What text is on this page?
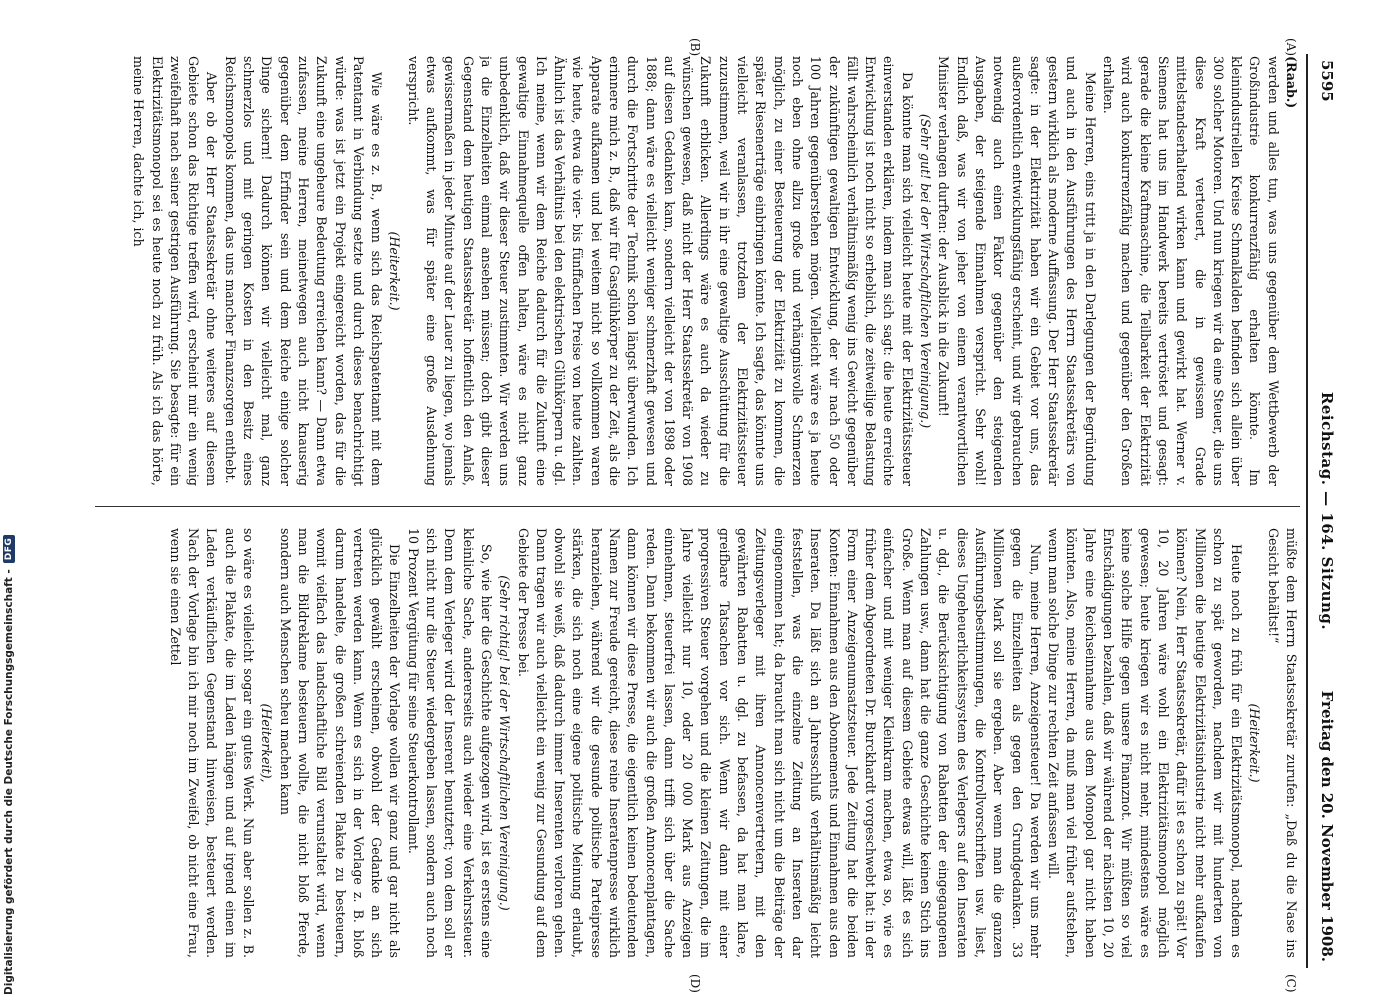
5595
Reichstag. — 164. Sitzung.
Freitag den 20. November 1908.
(A)
(B)
(C)
(D)

(Raab.)

werden und alles tun, was uns gegenüber dem Wettbewerb der Großindustrie konkurrenzfähig erhalten könnte. Im kleinindustriellen Kreise Schmalkalden befinden sich allein über 300 solcher Motoren. Und nun kriegen wir da eine Steuer, die uns diese Kraft verteuert, die in gewissem Grade mittelstandserhaltend wirken kann und gewirkt hat. Werner v. Siemens hat uns im Handwerk bereits vertröstet und gesagt: gerade die kleine Kraftmaschine, die Teilbarkeit der Elektrizität wird auch konkurrenzfähig machen und gegenüber den Großen erhalten.

Meine Herren, eins tritt ja in den Darlegungen der Begründung und auch in den Ausführungen des Herrn Staatssekretärs von gestern wirklich als moderne Auffassung. Der Herr Staatssekretär sagte: in der Elektrizität haben wir ein Gebiet vor uns, das außerordentlich entwicklungsfähig erscheint, und wir gebrauchen notwendig auch einen Faktor gegenüber den steigenden Ausgaben, der steigende Einnahmen verspricht. Sehr wohl! Endlich daß, was wir von jeher von einem verantwortlichen Minister verlangen durften: der Ausblick in die Zukunft!

(Sehr gut! bei der Wirtschaftlichen Vereinigung.)

Da könnte man sich vielleicht heute mit der Elektrizitätssteuer einverstanden erklären, indem man sich sagt: die heute erreichte Entwicklung ist noch nicht so erheblich, die zeitweilige Belastung fällt wahrscheinlich verhältnismäßig wenig ins Gewicht gegenüber der zukünftigen gewaltigen Entwicklung, der wir nach 50 oder 100 Jahren gegenüberstehen mögen. Vielleicht wäre es ja heute noch eben ohne allzu große und verhängnisvolle Schmerzen möglich, zu einer Besteuerung der Elektrizität zu kommen, die später Riesenerträge einbringen könnte. Ich sagte, das könnte uns vielleicht veranlassen, trotzdem der Elektrizitätssteuer zuzustimmen, weil wir in ihr eine gewaltige Ausschüttung für die Zukunft erblicken. Allerdings wäre es auch da wieder zu wünschen gewesen, daß nicht der Herr Staatssekretär von 1908 auf diesen Gedanken kam, sondern vielleicht der von 1898 oder 1888; dann wäre es vielleicht weniger schmerzhaft gewesen und durch die Fortschritte der Technik schon längst überwunden. Ich erinnere mich z. B., daß wir für Gasglühkörper zu der Zeit, als die Apparate aufkamen und bei weitem nicht so vollkommen waren wie heute, etwa die vier- bis fünffachen Preise von heute zahlten. Ähnlich ist das Verhältnis bei den elektrischen Glühkörpern u. dgl. Ich meine, wenn wir dem Reiche dadurch für die Zukunft eine gewaltige Einnahmequelle offen halten, wäre es nicht ganz unbedenklich, daß wir dieser Steuer zustimmten. Wir werden uns ja die Einzelheiten einmal ansehen müssen; doch gibt dieser Gegenstand dem heutigen Staatssekretär hoffentlich den Anlaß, gewissermaßen in jeder Minute auf der Lauer zu liegen, wo jemals etwas aufkommt, was für später eine große Ausdehnung verspricht.

(Heiterkeit.)

Wie wäre es z. B., wenn sich das Reichspatentamt mit dem Patentamt in Verbindung setzte und durch dieses benachrichtigt würde: was ist jetzt ein Projekt eingereicht worden, das für die Zukunft eine ungeheure Bedeutung erreichen kann? — Dann etwa zufassen, meine Herren, meinetwegen auch nicht knauserig gegenüber dem Erfinder sein und dem Reiche einige solcher Dinge sichern! Dadurch können wir vielleicht mal, ganz schmerzlos und mit geringen Kosten in den Besitz eines Reichsmonopols kommen, das uns mancher Finanzsorgen enthebt.

Aber ob der Herr Staatssekretär ohne weiteres auf diesem Gebiete schon das Richtige treffen wird, erscheint mir ein wenig zweifelhaft nach seiner gestrigen Ausführung. Sie besagte: für ein Elektrizitätsmonopol sei es heute noch zu früh. Als ich das hörte, meine Herren, dachte ich, ich

müßte dem Herrn Staatssekretär zurufen: „Daß du die Nase ins Gesicht behältst!“

(Heiterkeit.)

Heute noch zu früh für ein Elektrizitätsmonopol, nachdem es schon zu spät geworden, nachdem wir mit hunderten von Millionen die heutige Elektrizitätsindustrie nicht mehr aufkaufen können? Nein, Herr Staatssekretär, dafür ist es schon zu spät! Vor 10, 20 Jahren wäre wohl ein Elektrizitätsmonopol möglich gewesen; heute kriegen wir es nicht mehr, mindestens wäre es keine solche Hilfe gegen unsere Finanznot. Wir müßten so viel Entschädigungen bezahlen, daß wir während der nächsten 10, 20 Jahre eine Reichseinnahme aus dem Monopol gar nicht haben könnten. Also, meine Herren, da muß man viel früher aufstehen, wenn man solche Dinge zur rechten Zeit anfassen will.

Nun, meine Herren, Anzeigensteuer! Da werden wir uns mehr gegen die Einzelheiten als gegen den Grundgedanken. 33 Millionen Mark soll sie ergeben. Aber wenn man die ganzen Ausführungsbestimmungen, die Kontrollvorschriften usw. liest, dieses Ungeheuerlichkeitssystem des Verlegers auf den Inseraten u. dgl., die Berücksichtigung von Rabatten der eingegangenen Zahlungen usw., dann hat die ganze Geschichte keinen Stich ins Große. Wenn man auf diesem Gebiete etwas will, läßt es sich einfacher und mit weniger Kleinkram machen, etwa so, wie es früher dem Abgeordneten Dr. Burckhardt vorgeschwebt hat: in der Form einer Anzeigenumsatzsteuer. Jede Zeitung hat die beiden Konten: Einnahmen aus den Abonnements und Einnahmen aus den Inseraten. Da läßt sich an Jahresschluß verhältnismäßig leicht feststellen, was die einzelne Zeitung an Inseraten dar eingenommen hat; da braucht man sich nicht um die Beiträge der Zeitungsverleger mit ihren Annoncenvertretern, mit den gewährten Rabatten u. dgl. zu befassen, da hat man klare, greifbare Tatsachen vor sich. Wenn wir dann mit einer progressiven Steuer vorgehen und die kleinen Zeitungen, die im Jahre vielleicht nur 10, oder 20 000 Mark aus Anzeigen einnehmen, steuerfrei lassen, dann trifft sich über die Sache reden. Dann bekommen wir auch die großen Annoncenplantagen, dann können wir diese Presse, die eigentlich keinen bedeutenden Namen zur Freude gereicht, diese reine Inseratenpresse wirklich heranziehen, während wir die gesunde politische Parteipresse stärken, die sich noch eine eigene politische Meinung erlaubt, obwohl sie weiß, daß dadurch immer Inserenten verloren gehen. Dann tragen wir auch vielleicht ein wenig zur Gesundung auf dem Gebiete der Presse bei.

(Sehr richtig! bei der Wirtschaftlichen Vereinigung.)

So, wie hier die Geschichte aufgezogen wird, ist es erstens eine kleinliche Sache, andererseits auch wieder eine Verkehrssteuer. Denn dem Verleger wird der Inserent benutztert; von dem soll er sich nicht nur die Steuer wiedergeben lassen, sondern auch noch 10 Prozent Vergütung für seine Steuerkontrollamt.

Die Einzelheiten der Vorlage wollen wir ganz und gar nicht als glücklich gewählt erscheinen, obwohl der Gedanke an sich vertreten werden kann. Wenn es sich in der Vorlage z. B. bloß darum handelte, die großen schreienden Plakate zu besteuern, womit vielfach das landschaftliche Bild verunstaltet wird, wenn man die Bildreklame besteuern wollte, die nicht bloß Pferde, sondern auch Menschen scheu machen kann

(Heiterkeit),

so wäre es vielleicht sogar ein gutes Werk. Nun aber sollen z. B. auch die Plakate, die im Laden hängen und auf irgend einen im Laden verkäuflichen Gegenstand hinweisen, besteuert werden. Nach der Vorlage bin ich mir noch im Zweifel, ob nicht eine Frau, wenn sie einen Zettel

Digitalisierung gefördert durch die Deutsche Forschungsgemeinschaft -
DFG
